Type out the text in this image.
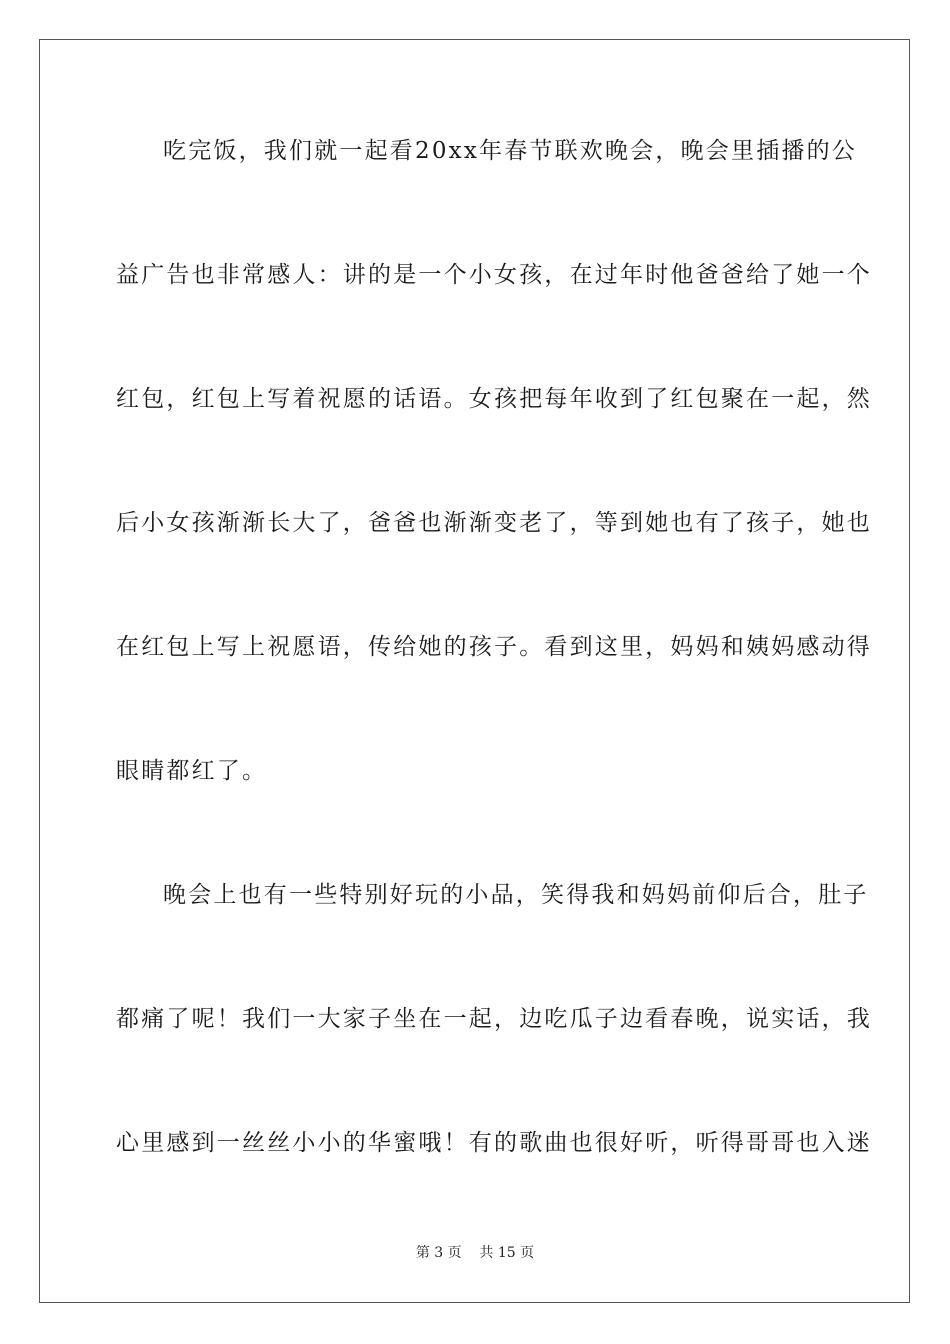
吃完饭，我们就一起看20xx年春节联欢晚会，晚会里插播的公
益广告也非常感人：讲的是一个小女孩，在过年时他爸爸给了她一个
红包，红包上写着祝愿的话语。女孩把每年收到了红包聚在一起，然
后小女孩渐渐长大了，爸爸也渐渐变老了，等到她也有了孩子，她也
在红包上写上祝愿语，传给她的孩子。看到这里，妈妈和姨妈感动得
眼睛都红了。
晚会上也有一些特别好玩的小品，笑得我和妈妈前仰后合，肚子
都痛了呢！我们一大家子坐在一起，边吃瓜子边看春晚，说实话，我
心里感到一丝丝小小的华蜜哦！有的歌曲也很好听，听得哥哥也入迷
第 3 页    共 15 页
